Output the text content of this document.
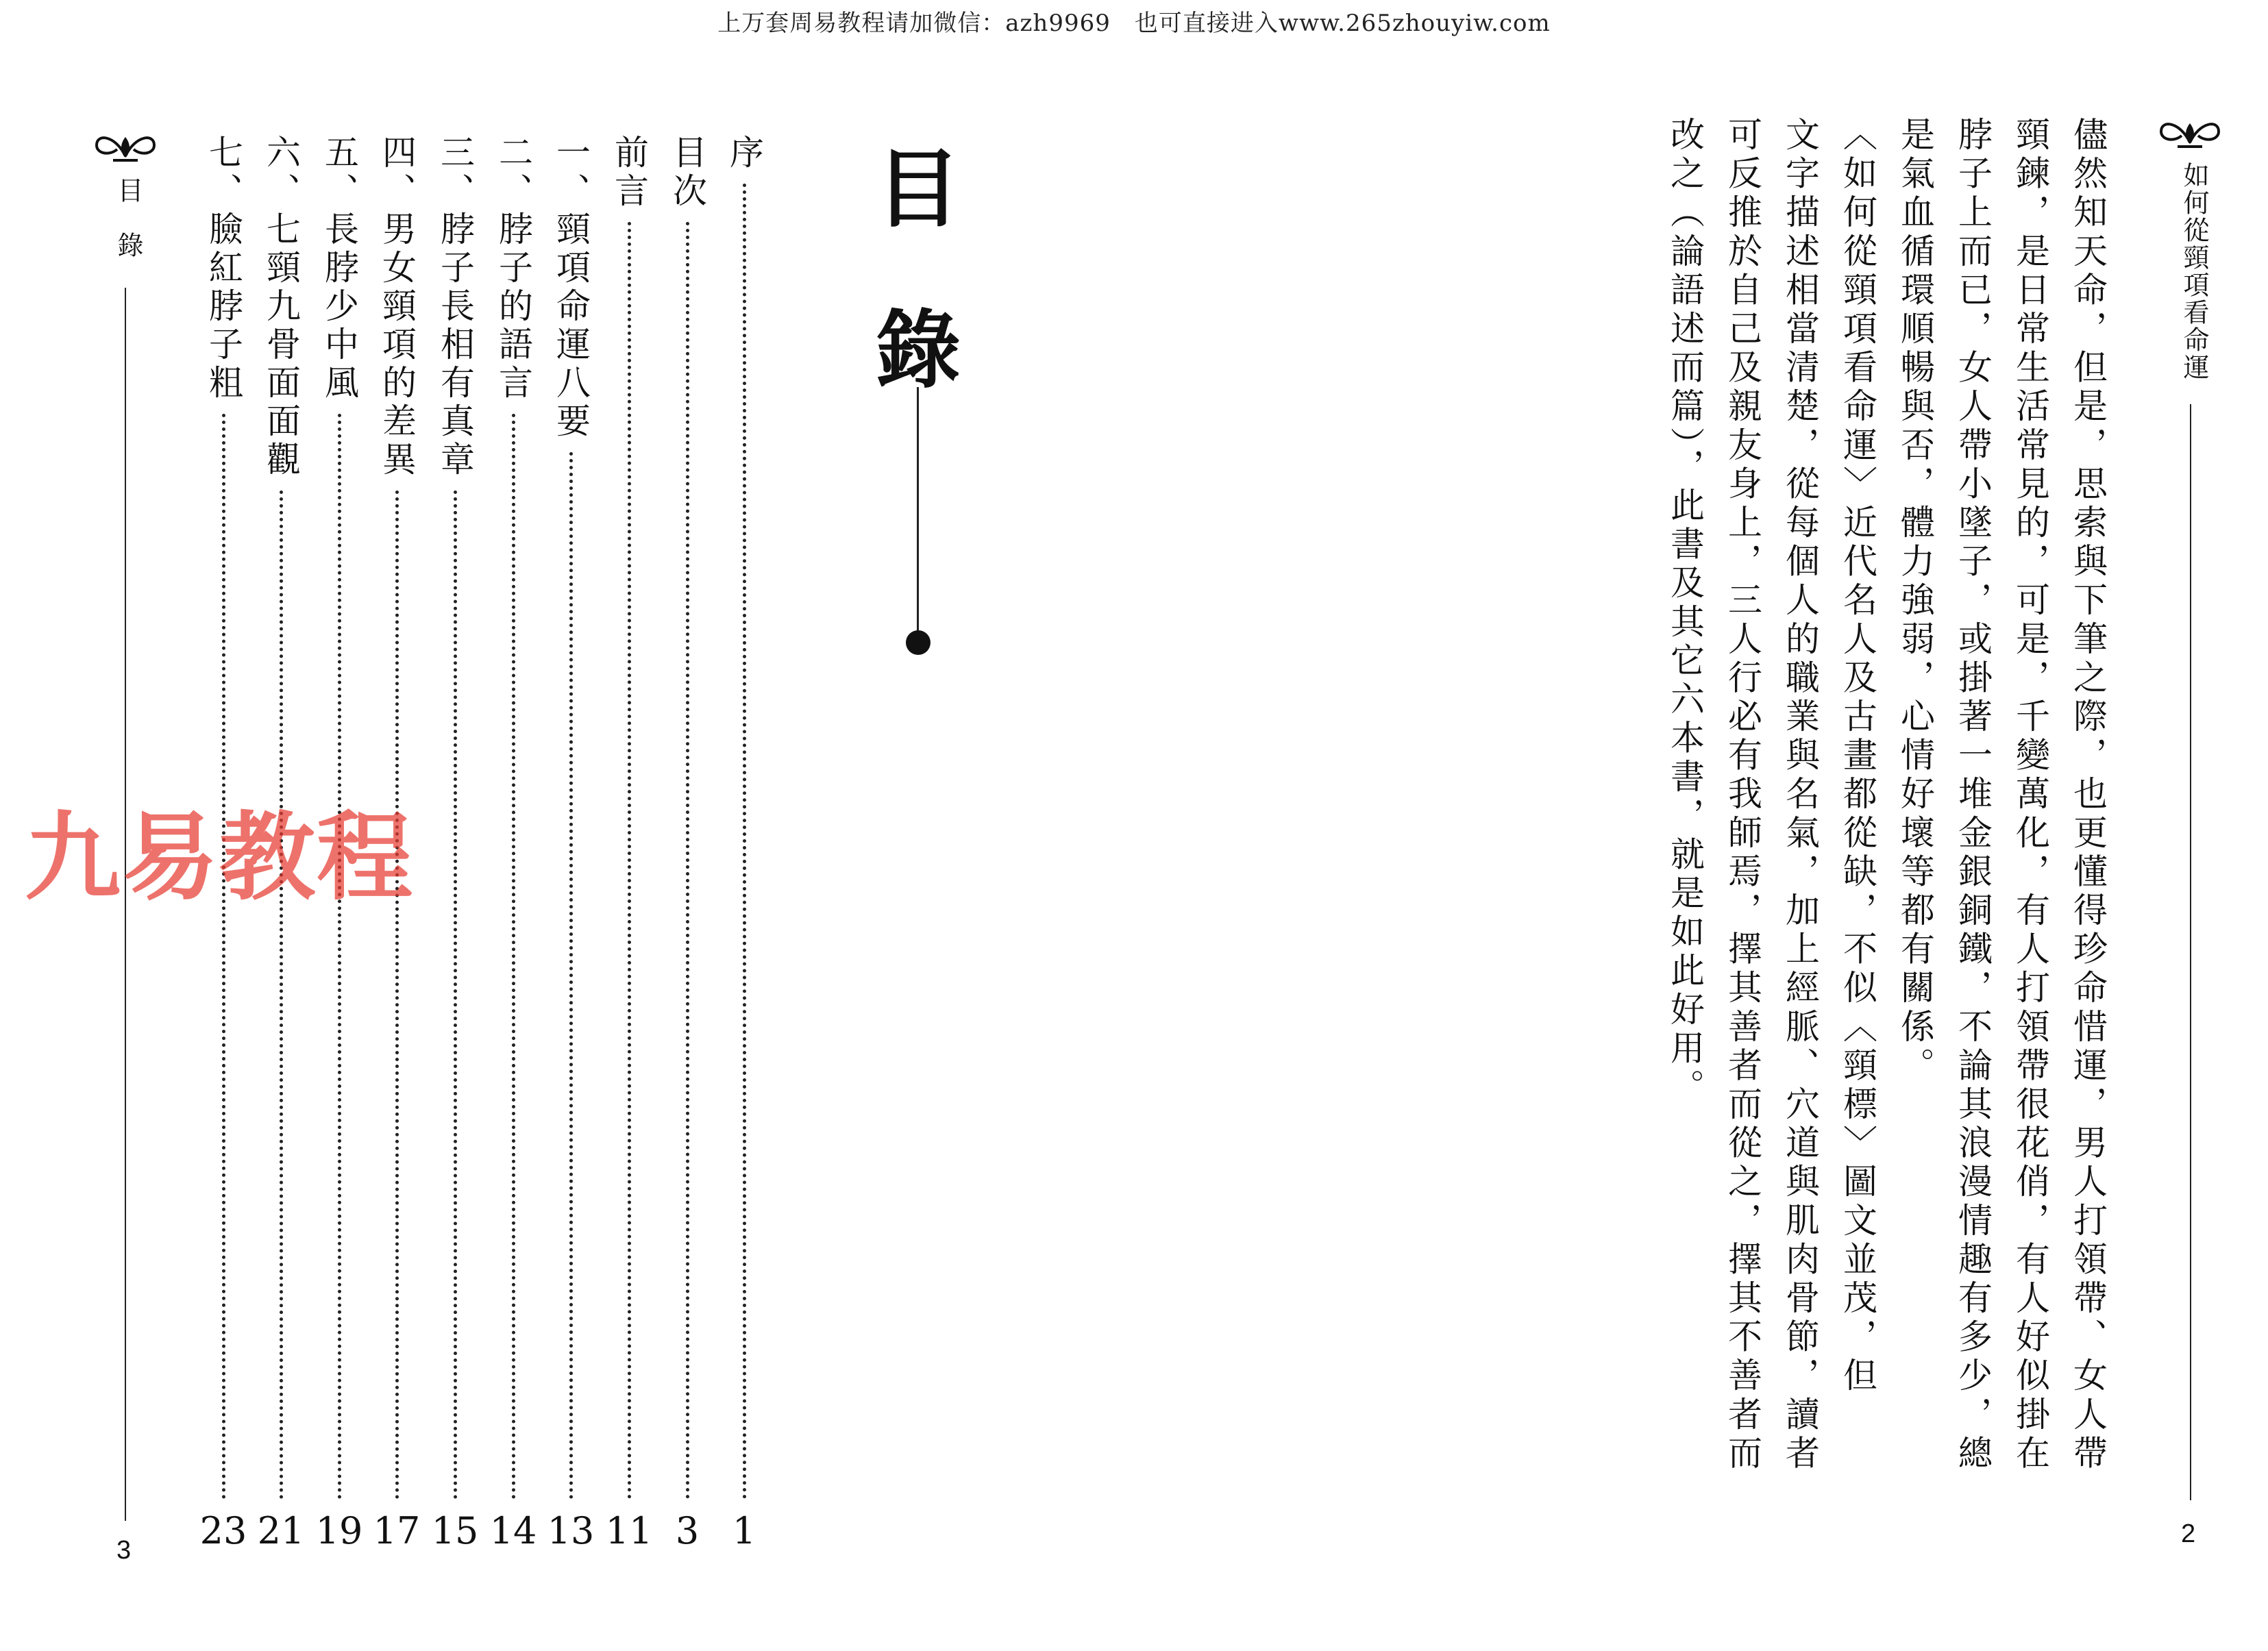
上万套周易教程请加微信：azh9969　也可直接进入www.265zhouyiw.com
目　錄
3
序
1
目次
3
前言
11
一、頸項命運八要
13
二、脖子的語言
14
三、脖子長相有真章
15
四、男女頸項的差異
17
五、長脖少中風
19
六、七頸九骨面面觀
21
七、臉紅脖子粗
23
目
錄
九易教程
如何從頸項看命運
2
儘然知天命，但是，思索與下筆之際，也更懂得珍命惜運，男人打領帶、女人帶
頸鍊，是日常生活常見的，可是，千變萬化，有人打領帶很花俏，有人好似掛在
脖子上而已，女人帶小墜子，或掛著一堆金銀銅鐵，不論其浪漫情趣有多少，總
是氣血循環順暢與否，體力強弱，心情好壞等都有關係。
〈如何從頸項看命運〉近代名人及古畫都從缺，不似〈頸標〉圖文並茂，但
文字描述相當清楚，從每個人的職業與名氣，加上經脈、穴道與肌肉骨節，讀者
可反推於自己及親友身上，三人行必有我師焉，擇其善者而從之，擇其不善者而
改之（論語述而篇），此書及其它六本書，就是如此好用。
